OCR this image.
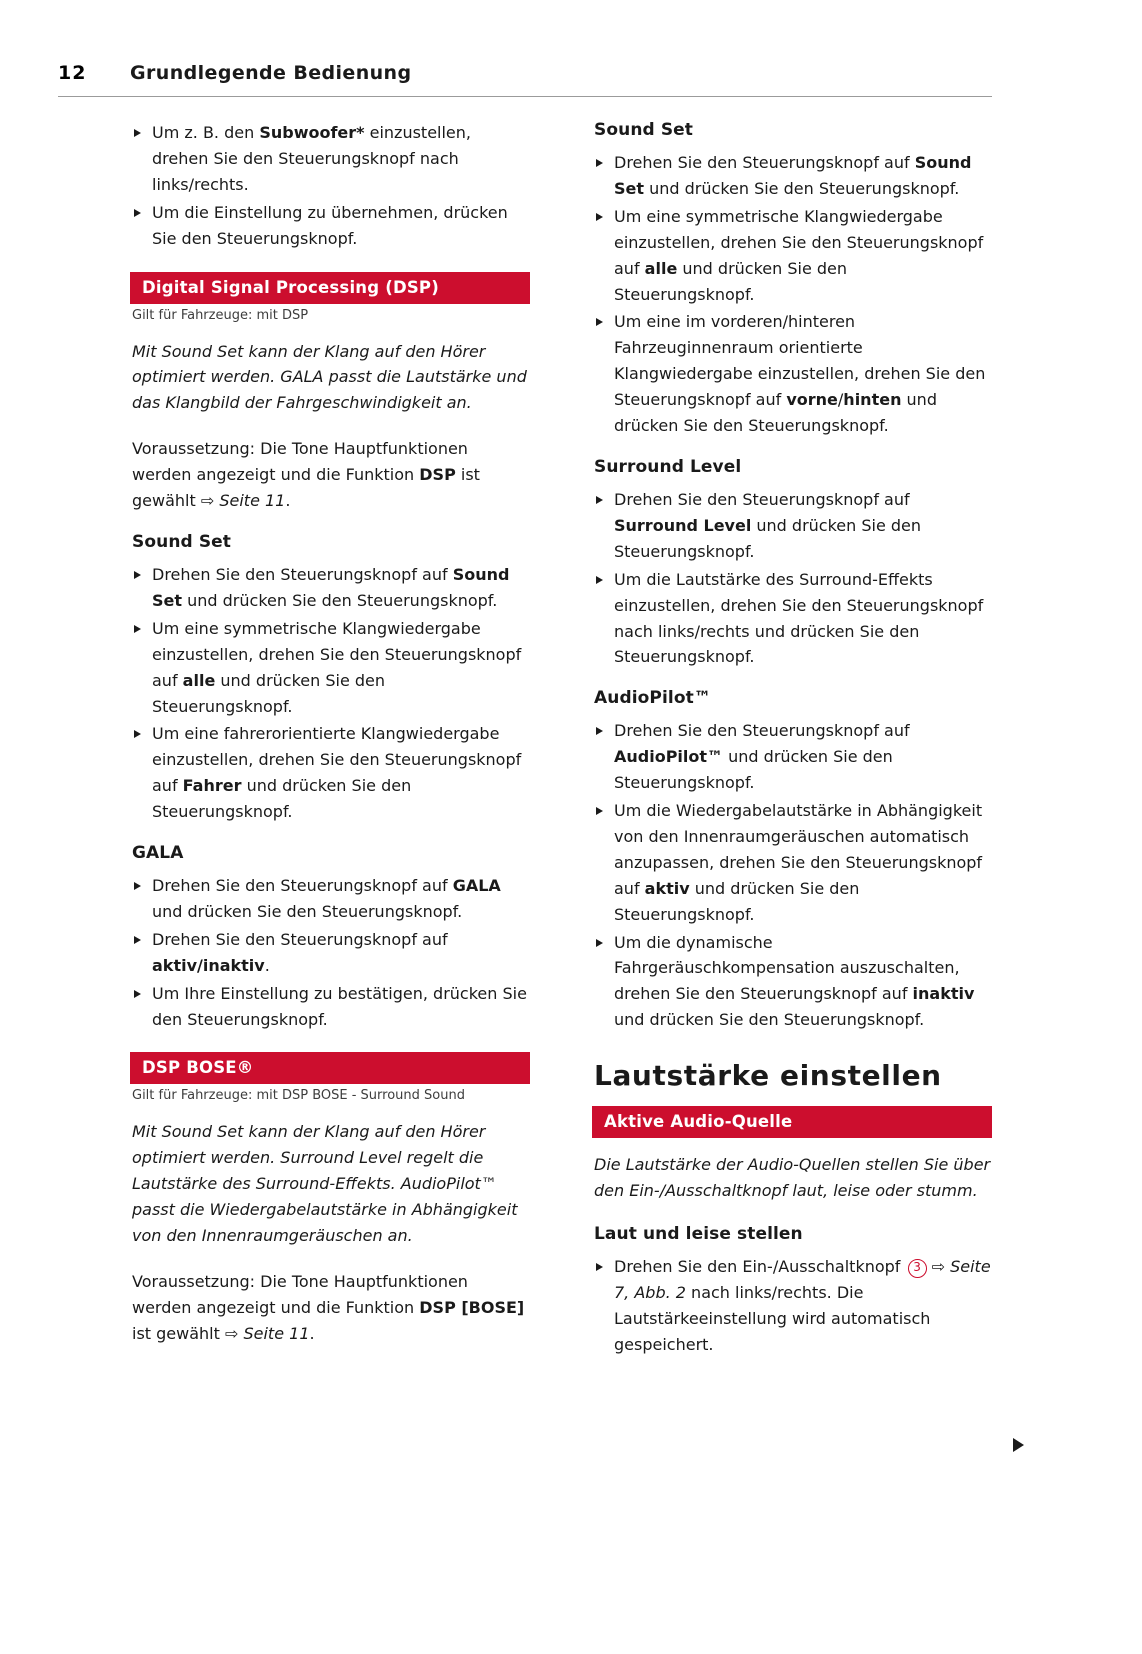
12	Grundlegende Bedienung
Um z. B. den Subwoofer* einzustellen, drehen Sie den Steuerungsknopf nach links/rechts.
Um die Einstellung zu übernehmen, drücken Sie den Steuerungsknopf.
Digital Signal Processing (DSP)
Gilt für Fahrzeuge: mit DSP

Mit Sound Set kann der Klang auf den Hörer optimiert werden. GALA passt die Lautstärke und das Klangbild der Fahrgeschwindigkeit an.

Voraussetzung: Die Tone Hauptfunktionen werden angezeigt und die Funktion DSP ist gewählt ⇨ Seite 11.

Sound Set
Drehen Sie den Steuerungsknopf auf Sound Set und drücken Sie den Steuerungsknopf.
Um eine symmetrische Klangwiedergabe einzustellen, drehen Sie den Steuerungsknopf auf alle und drücken Sie den Steuerungsknopf.
Um eine fahrerorientierte Klangwiedergabe einzustellen, drehen Sie den Steuerungsknopf auf Fahrer und drücken Sie den Steuerungsknopf.
GALA
Drehen Sie den Steuerungsknopf auf GALA und drücken Sie den Steuerungsknopf.
Drehen Sie den Steuerungsknopf auf aktiv/inaktiv.
Um Ihre Einstellung zu bestätigen, drücken Sie den Steuerungsknopf.
DSP BOSE®
Gilt für Fahrzeuge: mit DSP BOSE - Surround Sound

Mit Sound Set kann der Klang auf den Hörer optimiert werden. Surround Level regelt die Lautstärke des Surround-Effekts. AudioPilot™ passt die Wiedergabelautstärke in Abhängigkeit von den Innenraumgeräuschen an.

Voraussetzung: Die Tone Hauptfunktionen werden angezeigt und die Funktion DSP [BOSE] ist gewählt ⇨ Seite 11.

Sound Set
Drehen Sie den Steuerungsknopf auf Sound Set und drücken Sie den Steuerungsknopf.
Um eine symmetrische Klangwiedergabe einzustellen, drehen Sie den Steuerungsknopf auf alle und drücken Sie den Steuerungsknopf.
Um eine im vorderen/hinteren Fahrzeuginnenraum orientierte Klangwiedergabe einzustellen, drehen Sie den Steuerungsknopf auf vorne/hinten und drücken Sie den Steuerungsknopf.
Surround Level
Drehen Sie den Steuerungsknopf auf Surround Level und drücken Sie den Steuerungsknopf.
Um die Lautstärke des Surround-Effekts einzustellen, drehen Sie den Steuerungsknopf nach links/rechts und drücken Sie den Steuerungsknopf.
AudioPilot™
Drehen Sie den Steuerungsknopf auf AudioPilot™ und drücken Sie den Steuerungsknopf.
Um die Wiedergabelautstärke in Abhängigkeit von den Innenraumgeräuschen automatisch anzupassen, drehen Sie den Steuerungsknopf auf aktiv und drücken Sie den Steuerungsknopf.
Um die dynamische Fahrgeräuschkompensation auszuschalten, drehen Sie den Steuerungsknopf auf inaktiv und drücken Sie den Steuerungsknopf.
Lautstärke einstellen
Aktive Audio-Quelle

Die Lautstärke der Audio-Quellen stellen Sie über den Ein-/Ausschaltknopf laut, leise oder stumm.

Laut und leise stellen
Drehen Sie den Ein-/Ausschaltknopf 3 ⇨ Seite 7, Abb. 2 nach links/rechts. Die Lautstärkeeinstellung wird automatisch gespeichert.
